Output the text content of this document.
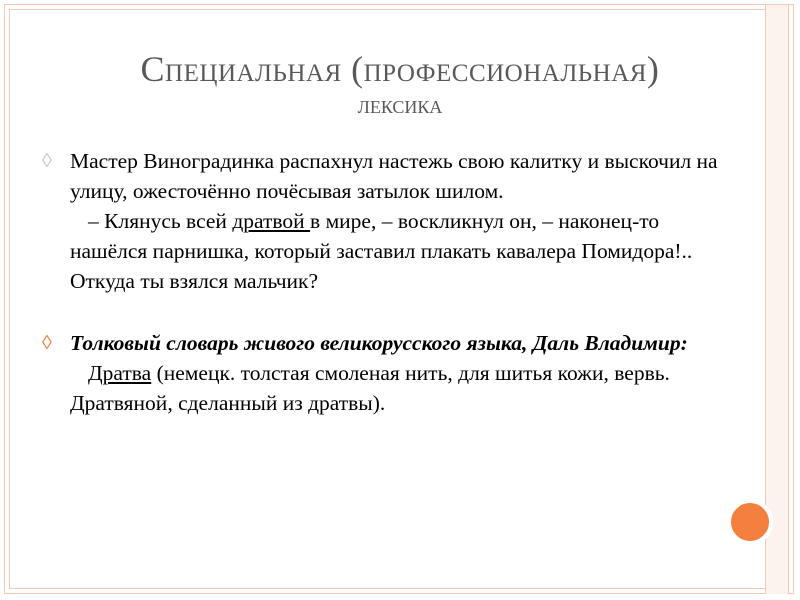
Специальная (профессиональная)
лексика
◊ Мастер Виноградинка распахнул настежь свою калитку и выскочил на улицу, ожесточённо почёсывая затылок шилом.
– Клянусь всей дратвой в мире, – воскликнул он, – наконец-то нашёлся парнишка, который заставил плакать кавалера Помидора!.. Откуда ты взялся мальчик?
◊ Толковый словарь живого великорусского языка, Даль Владимир:
Дратва (немецк. толстая смоленая нить, для шитья кожи, вервь. Дратвяной, сделанный из дратвы).
